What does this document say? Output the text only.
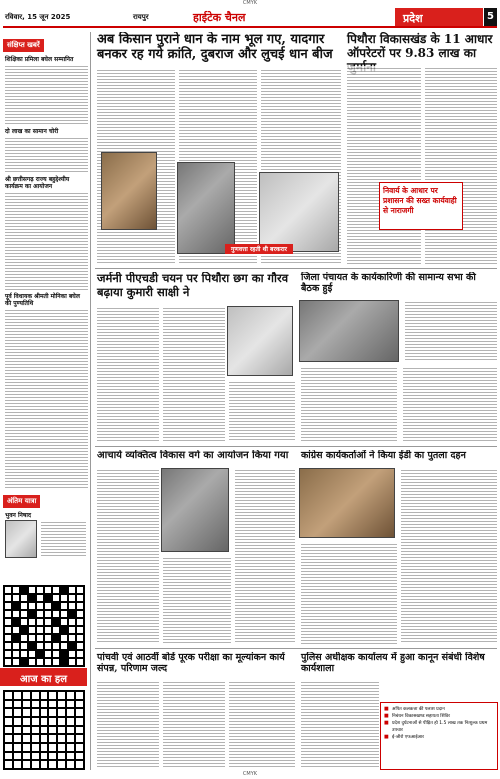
CMYK
रविवार, 15 जून 2025	रायपुर	हाईटेक चैनल	प्रदेश	5
संक्षिप्त खबरें
शिक्षिका प्रमिला बघेल सम्मानित
दो लाख का सामान चोरी
श्री छत्तीसगढ़ राज्य बहुद्देश्यीय कार्यक्रम का आयोजन
पूर्व विधायक श्रीमती मोनिका बघेल की पुण्यतिथि
अंतिम यात्रा
भुवन निषाद
आज का हल
अब किसान पुराने धान के नाम भूल गए, यादगार बनकर रह गये क्रांति, दुबराज और लुचई धान बीज
गुणवत्ता रहती थी बरकरार
पिथौरा विकासखंड के 11 आधार ऑपरेटरों पर 9.83 लाख का
निवार्य के आधार पर प्रशासन की सख्त कार्यवाही से नाराजगी
जर्मनी पीएचडी चयन पर पिथौरा छग का गौरव बढ़ाया कुमारी साक्षी ने
जिला पंचायत के कार्यकारिणी की सामान्य सभा की बैठक हुई
आचार्य व्यक्तित्व विकास वर्ग का आयोजन किया गया	कांग्रेस कार्यकर्ताओं ने किया ईडी का पुतला दहन
पांचवी एवं आठवीं बोर्ड पूरक परीक्षा का मूल्यांकन कार्य संपन्न, परिणाम जल्द
पुलिस अधीक्षक कार्यालय में हुआ कानून संबंधी विशेष कार्यशाला
■ अपित कलकत्ता की पलाश प्रदान
■ निबंधन विकासखण्ड सहायता शिविर
■ प्रदेश दुर्घटनाओं से पीड़ित हो 1.5 लाख तक निःशुल्क प्रथम उपचार
■ ई-जीरो एफआईआर
CMYK
